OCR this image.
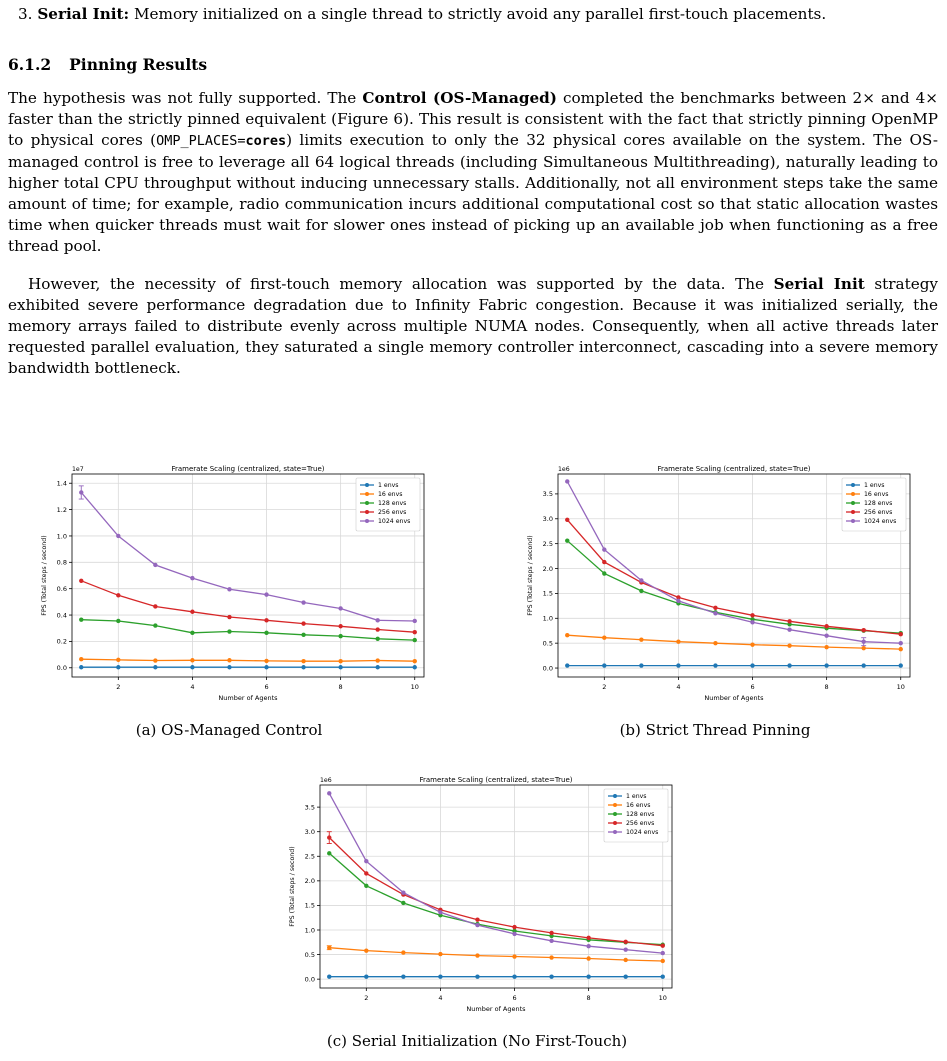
3. Serial Init: Memory initialized on a single thread to strictly avoid any parallel first-touch placements.
6.1.2 Pinning Results
The hypothesis was not fully supported. The Control (OS-Managed) completed the benchmarks between 2× and 4× faster than the strictly pinned equivalent (Figure 6). This result is consistent with the fact that strictly pinning OpenMP to physical cores (OMP_PLACES=cores) limits execution to only the 32 physical cores available on the system. The OS-managed control is free to leverage all 64 logical threads (including Simultaneous Multithreading), naturally leading to higher total CPU throughput without inducing unnecessary stalls. Additionally, not all environment steps take the same amount of time; for example, radio communication incurs additional computational cost so that static allocation wastes time when quicker threads must wait for slower ones instead of picking up an available job when functioning as a free thread pool.
However, the necessity of first-touch memory allocation was supported by the data. The Serial Init strategy exhibited severe performance degradation due to Infinity Fabric congestion. Because it was initialized serially, the memory arrays failed to distribute evenly across multiple NUMA nodes. Consequently, when all active threads later requested parallel evaluation, they saturated a single memory controller interconnect, cascading into a severe memory bandwidth bottleneck.
2	4	6	8	10
0.0
0.2
0.4
0.6
0.8
1.0
1.2
1.4
1e7	Framerate Scaling (centralized, state=True)
Number of Agents
FPS (Total steps / second)
1 envs
16 envs
128 envs
256 envs
1024 envs
(a) OS-Managed Control
2	4	6	8	10
0.0
0.5
1.0
1.5
2.0
2.5
3.0
3.5
1e6	Framerate Scaling (centralized, state=True)
Number of Agents
FPS (Total steps / second)
1 envs
16 envs
128 envs
256 envs
1024 envs
(b) Strict Thread Pinning
2	4	6	8	10
0.0
0.5
1.0
1.5
2.0
2.5
3.0
3.5
1e6	Framerate Scaling (centralized, state=True)
Number of Agents
FPS (Total steps / second)
1 envs
16 envs
128 envs
256 envs
1024 envs
(c) Serial Initialization (No First-Touch)
